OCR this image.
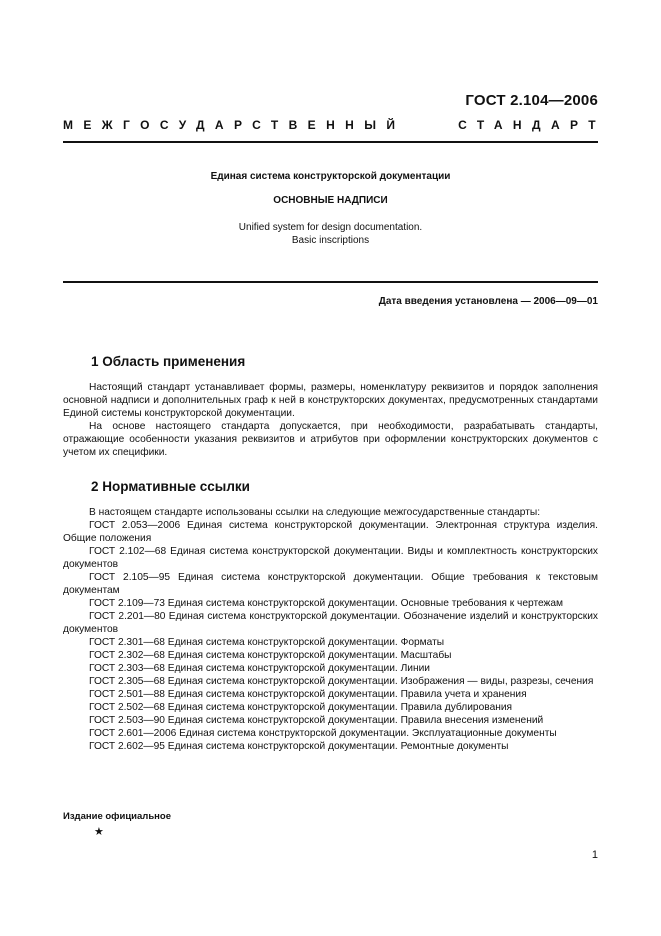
ГОСТ 2.104—2006
МЕЖГОСУДАРСТВЕННЫЙ	СТАНДАРТ
Единая система конструкторской документации
ОСНОВНЫЕ НАДПИСИ
Unified system for design documentation.
Basic inscriptions
Дата введения установлена — 2006—09—01
1 Область применения

Настоящий стандарт устанавливает формы, размеры, номенклатуру реквизитов и порядок заполнения основной надписи и дополнительных граф к ней в конструкторских документах, предусмотренных стандартами Единой системы конструкторской документации.

На основе настоящего стандарта допускается, при необходимости, разрабатывать стандарты, отражающие особенности указания реквизитов и атрибутов при оформлении конструкторских документов с учетом их специфики.

2 Нормативные ссылки

В настоящем стандарте использованы ссылки на следующие межгосударственные стандарты:

ГОСТ 2.053—2006 Единая система конструкторской документации. Электронная структура изделия. Общие положения

ГОСТ 2.102—68 Единая система конструкторской документации. Виды и комплектность конструкторских документов

ГОСТ 2.105—95 Единая система конструкторской документации. Общие требования к текстовым документам

ГОСТ 2.109—73 Единая система конструкторской документации. Основные требования к чертежам

ГОСТ 2.201—80 Единая система конструкторской документации. Обозначение изделий и конструкторских документов

ГОСТ 2.301—68 Единая система конструкторской документации. Форматы

ГОСТ 2.302—68 Единая система конструкторской документации. Масштабы

ГОСТ 2.303—68 Единая система конструкторской документации. Линии

ГОСТ 2.305—68 Единая система конструкторской документации. Изображения — виды, разрезы, сечения

ГОСТ 2.501—88 Единая система конструкторской документации. Правила учета и хранения

ГОСТ 2.502—68 Единая система конструкторской документации. Правила дублирования

ГОСТ 2.503—90 Единая система конструкторской документации. Правила внесения изменений

ГОСТ 2.601—2006 Единая система конструкторской документации. Эксплуатационные документы

ГОСТ 2.602—95 Единая система конструкторской документации. Ремонтные документы

Издание официальное
★
1
